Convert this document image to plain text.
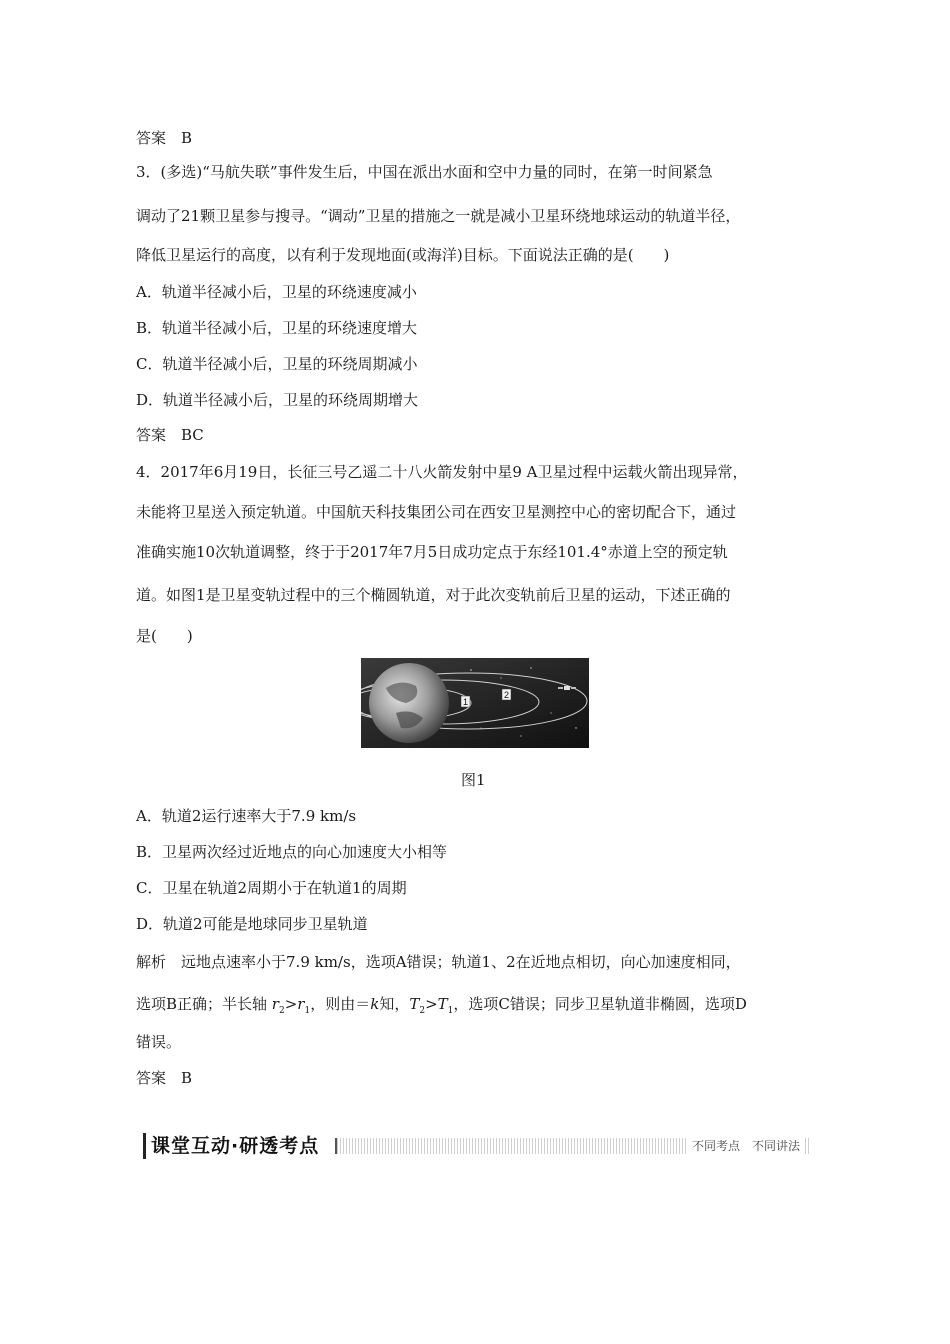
答案　B
3．(多选)“马航失联”事件发生后，中国在派出水面和空中力量的同时，在第一时间紧急
调动了21颗卫星参与搜寻。“调动”卫星的措施之一就是减小卫星环绕地球运动的轨道半径，
降低卫星运行的高度，以有利于发现地面(或海洋)目标。下面说法正确的是(　　)
A．轨道半径减小后，卫星的环绕速度减小
B．轨道半径减小后，卫星的环绕速度增大
C．轨道半径减小后，卫星的环绕周期减小
D．轨道半径减小后，卫星的环绕周期增大
答案　BC
4．2017年6月19日，长征三号乙遥二十八火箭发射中星9 A卫星过程中运载火箭出现异常，
未能将卫星送入预定轨道。中国航天科技集团公司在西安卫星测控中心的密切配合下，通过
准确实施10次轨道调整，终于于2017年7月5日成功定点于东经101.4°赤道上空的预定轨
道。如图1是卫星变轨过程中的三个椭圆轨道，对于此次变轨前后卫星的运动，下述正确的
是(　　)
1
2
图1
A．轨道2运行速率大于7.9 km/s
B．卫星两次经过近地点的向心加速度大小相等
C．卫星在轨道2周期小于在轨道1的周期
D．轨道2可能是地球同步卫星轨道
解析　远地点速率小于7.9 km/s，选项A错误；轨道1、2在近地点相切，向心加速度相同，
选项B正确；半长轴 $r_2>r_1$，则由＝k知，$T_2>T_1$，选项C错误；同步卫星轨道非椭圆，选项D
错误。
答案　B
课堂互动·研透考点	不同考点　不同讲法
